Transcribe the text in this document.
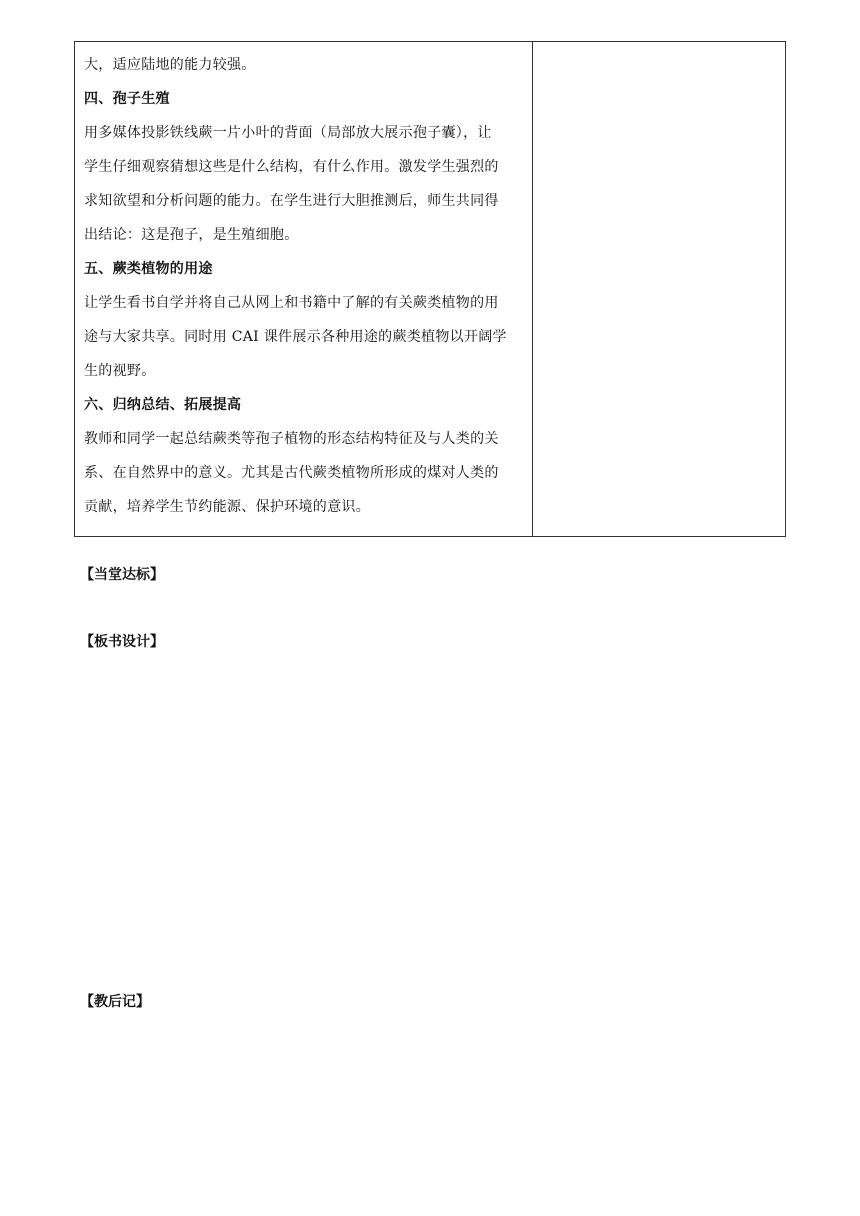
大，适应陆地的能力较强。
四、孢子生殖
用多媒体投影铁线蕨一片小叶的背面（局部放大展示孢子囊），让
学生仔细观察猜想这些是什么结构，有什么作用。激发学生强烈的
求知欲望和分析问题的能力。在学生进行大胆推测后，师生共同得
出结论：这是孢子，是生殖细胞。
五、蕨类植物的用途
让学生看书自学并将自己从网上和书籍中了解的有关蕨类植物的用
途与大家共享。同时用 CAI 课件展示各种用途的蕨类植物以开阔学
生的视野。
六、归纳总结、拓展提高
教师和同学一起总结蕨类等孢子植物的形态结构特征及与人类的关
系、在自然界中的意义。尤其是古代蕨类植物所形成的煤对人类的
贡献，培养学生节约能源、保护环境的意识。
【当堂达标】
【板书设计】
【教后记】
